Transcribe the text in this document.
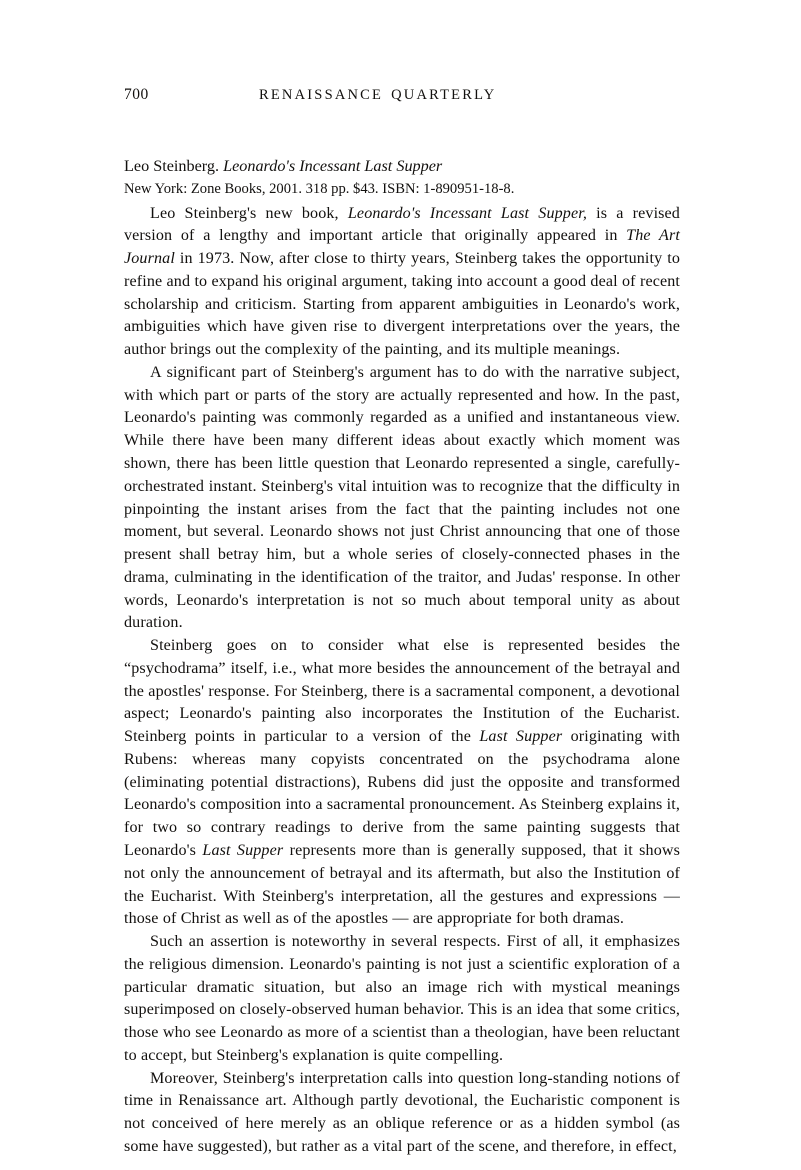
700	RENAISSANCE QUARTERLY
Leo Steinberg. Leonardo's Incessant Last Supper
New York: Zone Books, 2001. 318 pp. $43. ISBN: 1-890951-18-8.

Leo Steinberg's new book, Leonardo's Incessant Last Supper, is a revised version of a lengthy and important article that originally appeared in The Art Journal in 1973. Now, after close to thirty years, Steinberg takes the opportunity to refine and to expand his original argument, taking into account a good deal of recent scholarship and criticism. Starting from apparent ambiguities in Leonardo's work, ambiguities which have given rise to divergent interpretations over the years, the author brings out the complexity of the painting, and its multiple meanings.

A significant part of Steinberg's argument has to do with the narrative subject, with which part or parts of the story are actually represented and how. In the past, Leonardo's painting was commonly regarded as a unified and instantaneous view. While there have been many different ideas about exactly which moment was shown, there has been little question that Leonardo represented a single, carefully-orchestrated instant. Steinberg's vital intuition was to recognize that the difficulty in pinpointing the instant arises from the fact that the painting includes not one moment, but several. Leonardo shows not just Christ announcing that one of those present shall betray him, but a whole series of closely-connected phases in the drama, culminating in the identification of the traitor, and Judas' response. In other words, Leonardo's interpretation is not so much about temporal unity as about duration.

Steinberg goes on to consider what else is represented besides the “psychodrama” itself, i.e., what more besides the announcement of the betrayal and the apostles' response. For Steinberg, there is a sacramental component, a devotional aspect; Leonardo's painting also incorporates the Institution of the Eucharist. Steinberg points in particular to a version of the Last Supper originating with Rubens: whereas many copyists concentrated on the psychodrama alone (eliminating potential distractions), Rubens did just the opposite and transformed Leonardo's composition into a sacramental pronouncement. As Steinberg explains it, for two so contrary readings to derive from the same painting suggests that Leonardo's Last Supper represents more than is generally supposed, that it shows not only the announcement of betrayal and its aftermath, but also the Institution of the Eucharist. With Steinberg's interpretation, all the gestures and expressions — those of Christ as well as of the apostles — are appropriate for both dramas.

Such an assertion is noteworthy in several respects. First of all, it emphasizes the religious dimension. Leonardo's painting is not just a scientific exploration of a particular dramatic situation, but also an image rich with mystical meanings superimposed on closely-observed human behavior. This is an idea that some critics, those who see Leonardo as more of a scientist than a theologian, have been reluctant to accept, but Steinberg's explanation is quite compelling.

Moreover, Steinberg's interpretation calls into question long-standing notions of time in Renaissance art. Although partly devotional, the Eucharistic component is not conceived of here merely as an oblique reference or as a hidden symbol (as some have suggested), but rather as a vital part of the scene, and therefore, in effect,
